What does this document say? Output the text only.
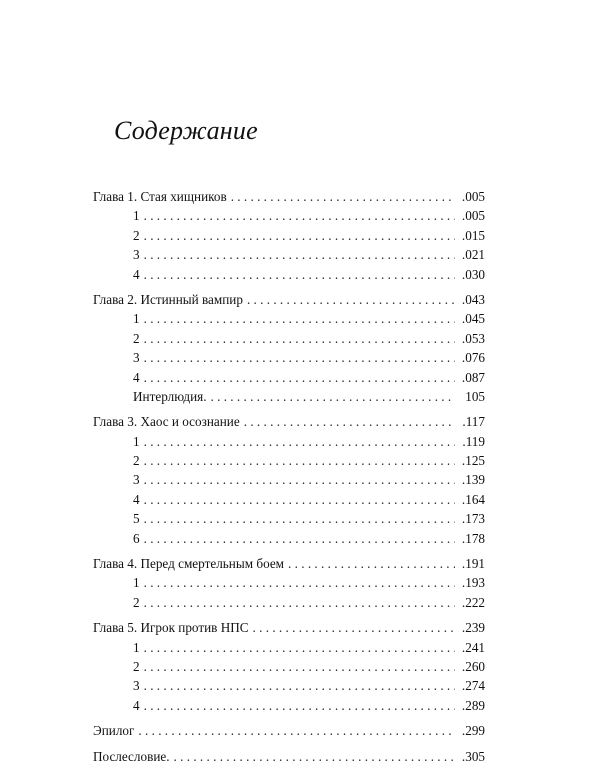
Содержание
Глава 1. Стая хищников . . .	.005
1 . . .	.005
2 . . .	.015
3 . . .	.021
4 . . .	.030
Глава 2. Истинный вампир . . .	.043
1 . . .	.045
2 . . .	.053
3 . . .	.076
4 . . .	.087
Интерлюдия. . . .	105
Глава 3. Хаос и осознание . . .	.117
1 . . .	.119
2 . . .	.125
3 . . .	.139
4 . . .	.164
5 . . .	.173
6 . . .	.178
Глава 4. Перед смертельным боем . . .	.191
1 . . .	.193
2 . . .	.222
Глава 5. Игрок против НПС . . .	.239
1 . . .	.241
2 . . .	.260
3 . . .	.274
4 . . .	.289
Эпилог . . .	.299
Послесловие. . . .	.305
